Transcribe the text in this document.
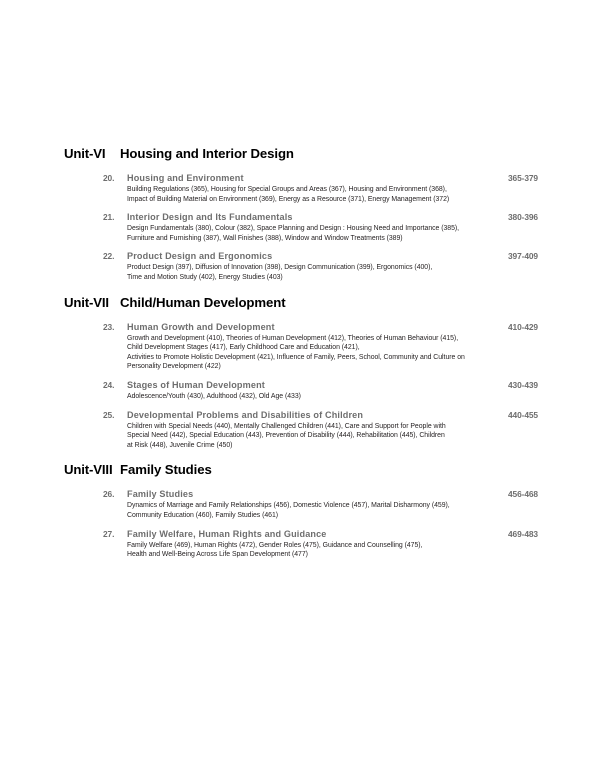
Unit-VI	Housing and Interior Design
20.	Housing and Environment	365-379
Building Regulations (365), Housing for Special Groups and Areas (367), Housing and Environment (368),
Impact of Building Material on Environment (369), Energy as a Resource (371), Energy Management (372)
21.	Interior Design and Its Fundamentals	380-396
Design Fundamentals (380), Colour (382), Space Planning and Design : Housing Need and Importance (385),
Furniture and Furnishing (387), Wall Finishes (388), Window and Window Treatments (389)
22.	Product Design and Ergonomics	397-409
Product Design (397), Diffusion of Innovation (398), Design Communication (399), Ergonomics (400),
Time and Motion Study (402), Energy Studies (403)
Unit-VII Child/Human Development
23.	Human Growth and Development	410-429
Growth and Development (410), Theories of Human Development (412), Theories of Human Behaviour (415),
Child Development Stages (417), Early Childhood Care and Education (421),
Activities to Promote Holistic Development (421), Influence of Family, Peers, School, Community and Culture on
Personality Development (422)
24.	Stages of Human Development	430-439
Adolescence/Youth (430), Adulthood (432), Old Age (433)
25.	Developmental Problems and Disabilities of Children	440-455
Children with Special Needs (440), Mentally Challenged Children (441), Care and Support for People with
Special Need (442), Special Education (443), Prevention of Disability (444), Rehabilitation (445), Children
at Risk (448), Juvenile Crime (450)
Unit-VIII Family Studies
26.	Family Studies	456-468
Dynamics of Marriage and Family Relationships (456), Domestic Violence (457), Marital Disharmony (459),
Community Education (460), Family Studies (461)
27.	Family Welfare, Human Rights and Guidance	469-483
Family Welfare (469), Human Rights (472), Gender Roles (475), Guidance and Counselling (475),
Health and Well-Being Across Life Span Development (477)
